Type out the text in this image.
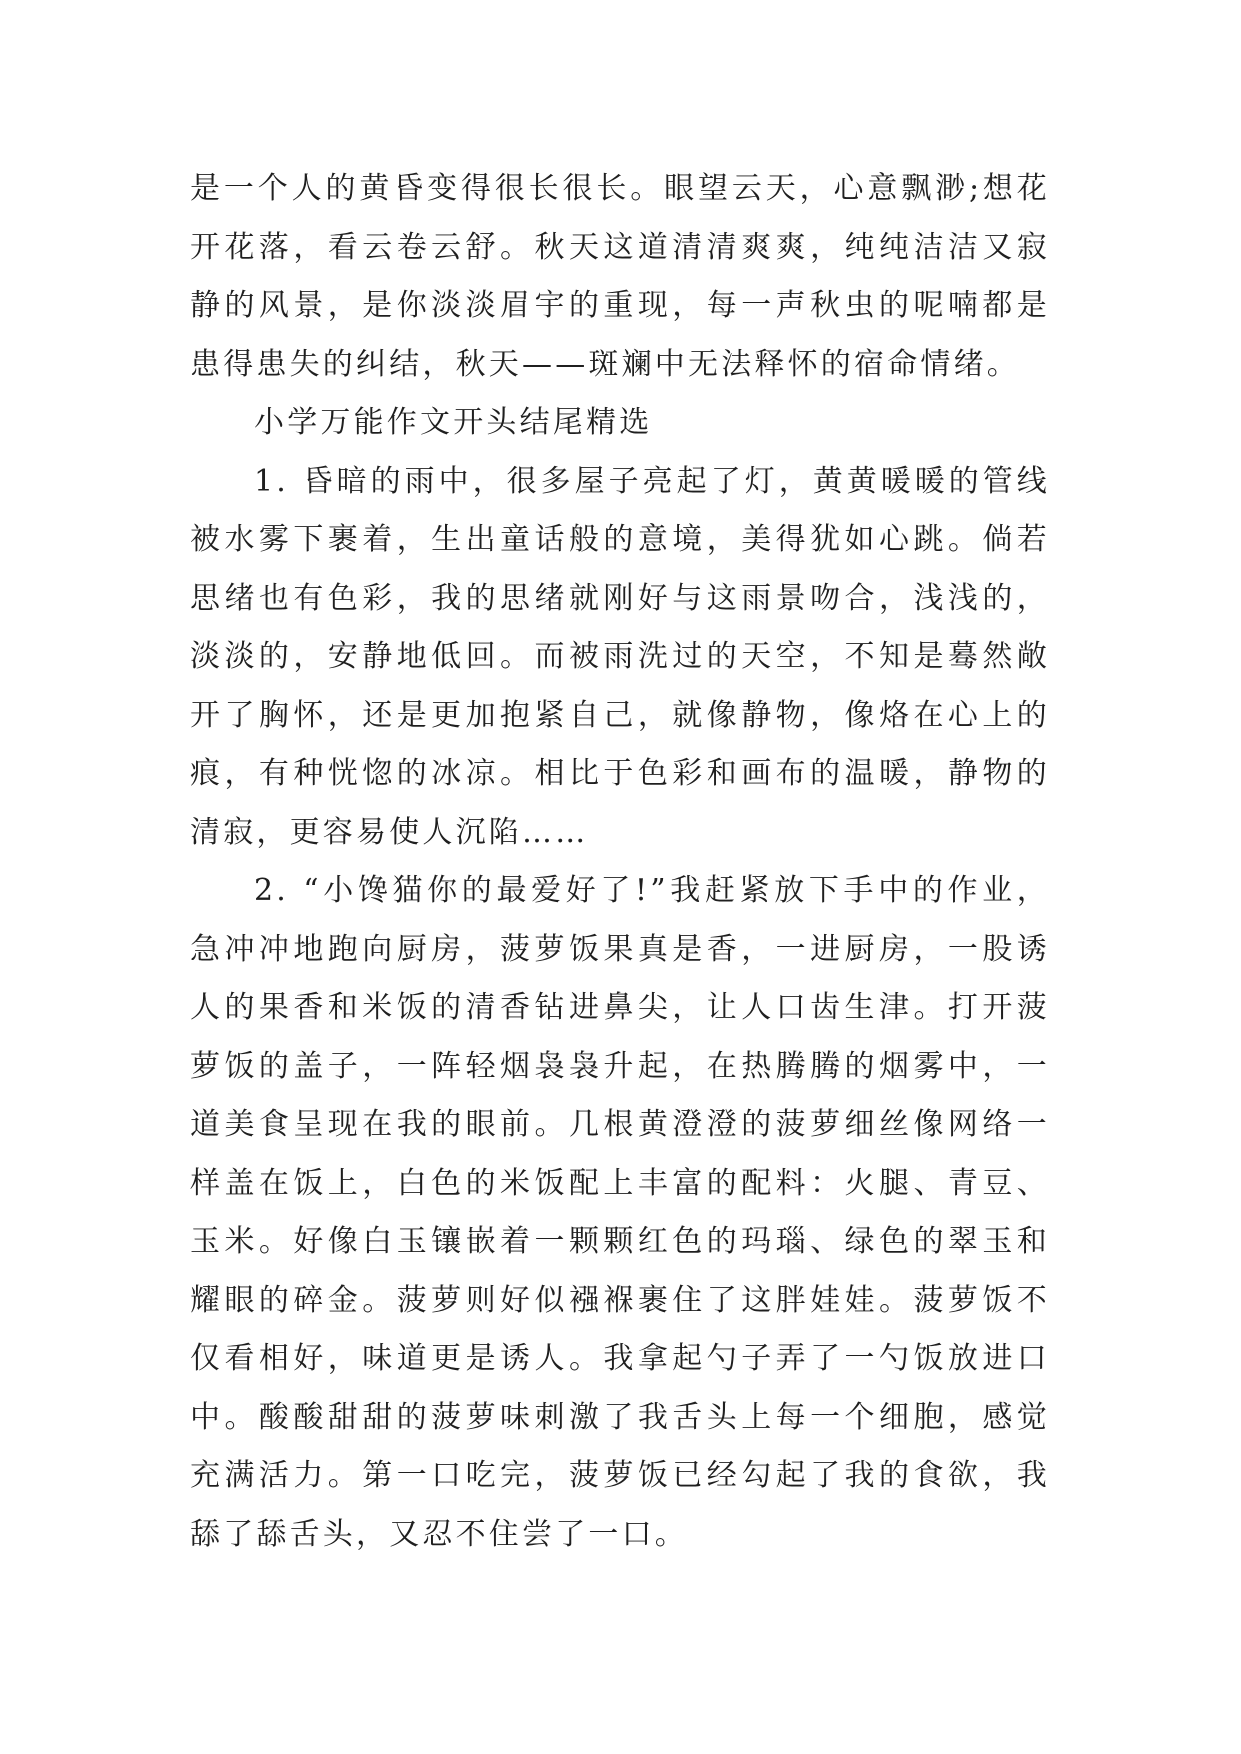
是一个人的黄昏变得很长很长。眼望云天，心意飘渺;想花开花落，看云卷云舒。秋天这道清清爽爽，纯纯洁洁又寂静的风景，是你淡淡眉宇的重现，每一声秋虫的呢喃都是患得患失的纠结，秋天——斑斓中无法释怀的宿命情绪。

小学万能作文开头结尾精选

1. 昏暗的雨中，很多屋子亮起了灯，黄黄暖暖的管线被水雾下裹着，生出童话般的意境，美得犹如心跳。倘若思绪也有色彩，我的思绪就刚好与这雨景吻合，浅浅的，淡淡的，安静地低回。而被雨洗过的天空，不知是蓦然敞开了胸怀，还是更加抱紧自己，就像静物，像烙在心上的痕，有种恍惚的冰凉。相比于色彩和画布的温暖，静物的清寂，更容易使人沉陷……

2. “小馋猫你的最爱好了!”我赶紧放下手中的作业，急冲冲地跑向厨房，菠萝饭果真是香，一进厨房，一股诱人的果香和米饭的清香钻进鼻尖，让人口齿生津。打开菠萝饭的盖子，一阵轻烟袅袅升起，在热腾腾的烟雾中，一道美食呈现在我的眼前。几根黄澄澄的菠萝细丝像网络一样盖在饭上，白色的米饭配上丰富的配料：火腿、青豆、玉米。好像白玉镶嵌着一颗颗红色的玛瑙、绿色的翠玉和耀眼的碎金。菠萝则好似襁褓裹住了这胖娃娃。菠萝饭不仅看相好，味道更是诱人。我拿起勺子弄了一勺饭放进口中。酸酸甜甜的菠萝味刺激了我舌头上每一个细胞，感觉充满活力。第一口吃完，菠萝饭已经勾起了我的食欲，我舔了舔舌头，又忍不住尝了一口。
